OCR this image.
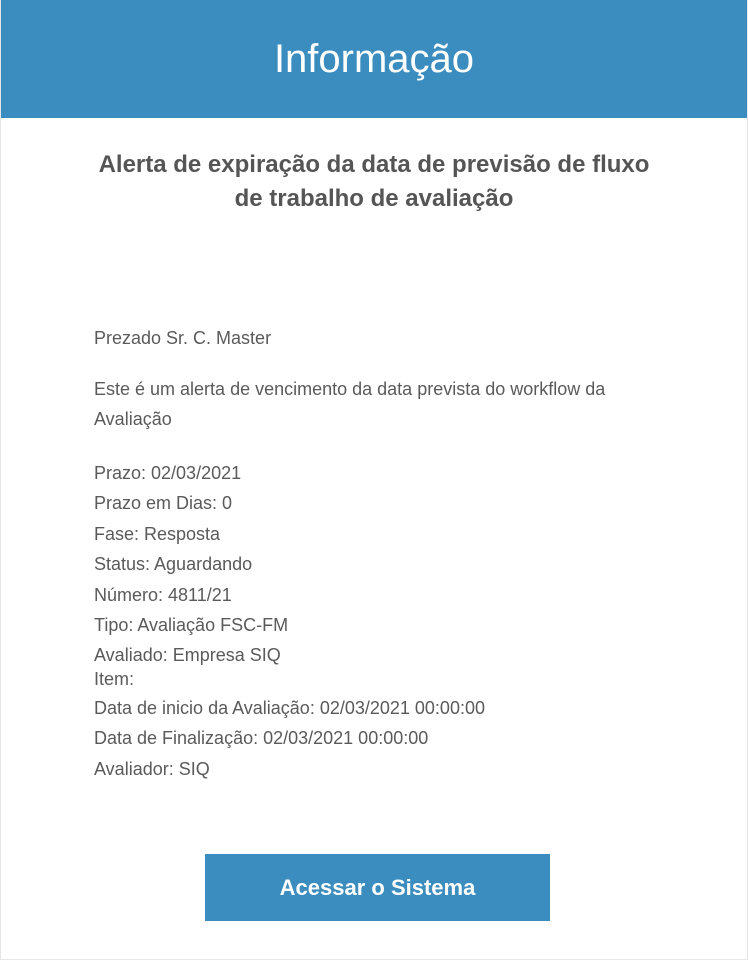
Informação
Alerta de expiração da data de previsão de fluxo de trabalho de avaliação
Prezado Sr. C. Master
Este é um alerta de vencimento da data prevista do workflow da Avaliação
Prazo: 02/03/2021
Prazo em Dias: 0
Fase: Resposta
Status: Aguardando
Número: 4811/21
Tipo: Avaliação FSC-FM
Avaliado: Empresa SIQ
Item:
Data de inicio da Avaliação: 02/03/2021 00:00:00
Data de Finalização: 02/03/2021 00:00:00
Avaliador: SIQ
Acessar o Sistema
